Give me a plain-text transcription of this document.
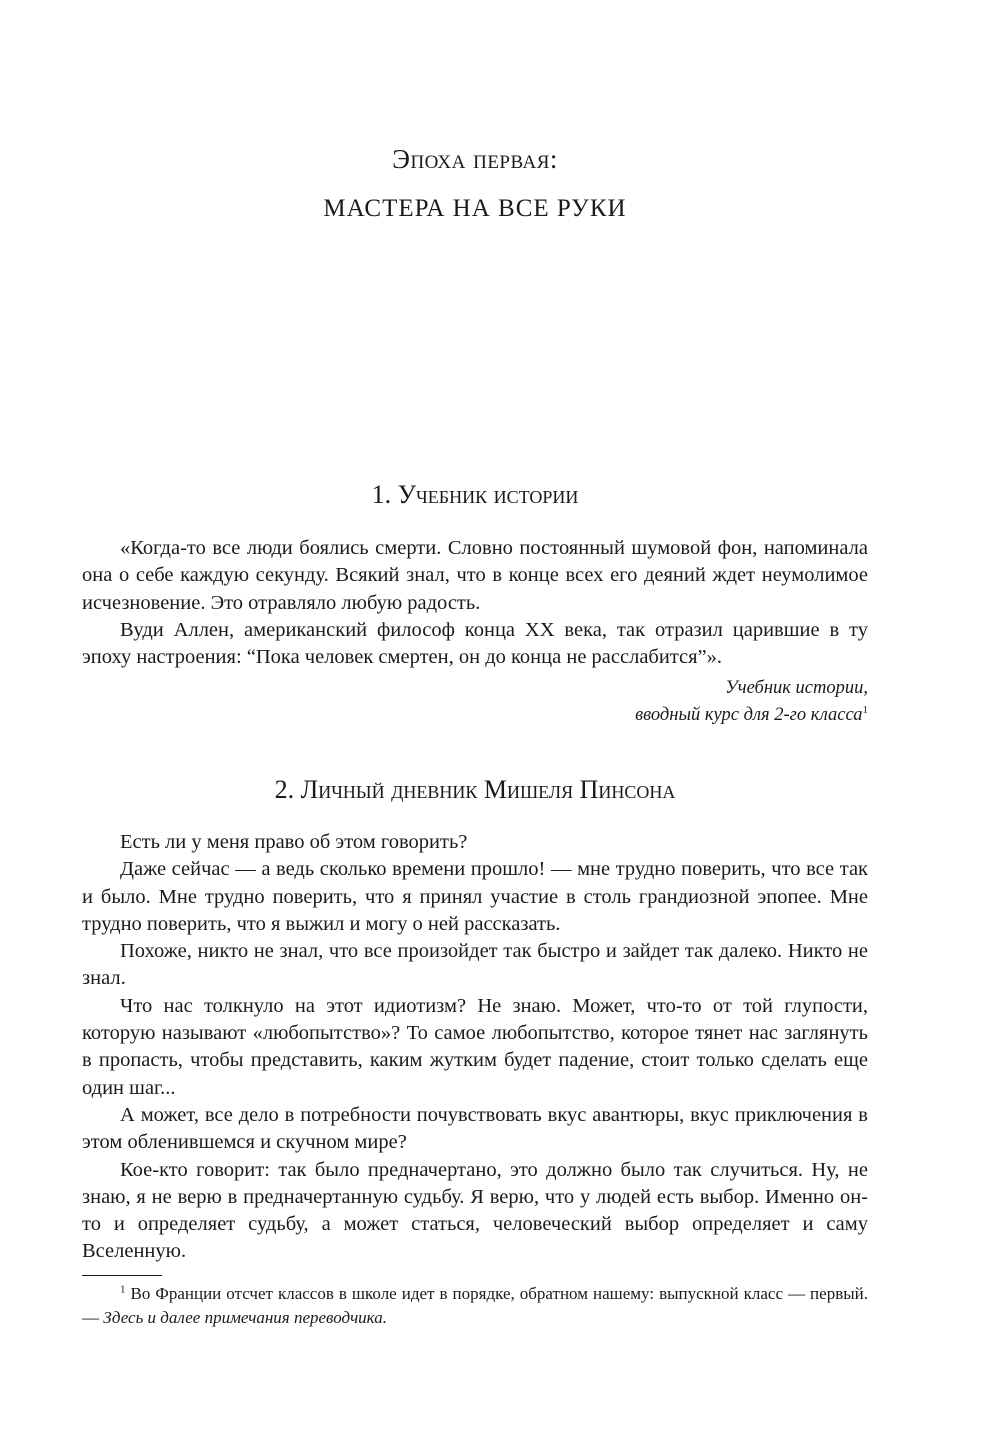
Эпоха первая:
МАСТЕРА НА ВСЕ РУКИ
1. Учебник истории

«Когда-то все люди боялись смерти. Словно постоянный шумовой фон, напоминала она о себе каждую секунду. Всякий знал, что в конце всех его деяний ждет неумолимое исчезновение. Это отравляло любую радость.

Вуди Аллен, американский философ конца XX века, так отразил царившие в ту эпоху настроения: “Пока человек смертен, он до конца не расслабится”».

Учебник истории,
вводный курс для 2-го класса$^1$
2. Личный дневник Мишеля Пинсона

Есть ли у меня право об этом говорить?

Даже сейчас — а ведь сколько времени прошло! — мне трудно поверить, что все так и было. Мне трудно поверить, что я принял участие в столь грандиозной эпопее. Мне трудно поверить, что я выжил и могу о ней рассказать.

Похоже, никто не знал, что все произойдет так быстро и зайдет так далеко. Никто не знал.

Что нас толкнуло на этот идиотизм? Не знаю. Может, что-то от той глупости, которую называют «любопытство»? То самое любопытство, которое тянет нас заглянуть в пропасть, чтобы представить, каким жутким будет падение, стоит только сделать еще один шаг...

А может, все дело в потребности почувствовать вкус авантюры, вкус приключения в этом обленившемся и скучном мире?

Кое-кто говорит: так было предначертано, это должно было так случиться. Ну, не знаю, я не верю в предначертанную судьбу. Я верю, что у людей есть выбор. Именно он-то и определяет судьбу, а может статься, человеческий выбор определяет и саму Вселенную.

$^1$ Во Франции отсчет классов в школе идет в порядке, обратном нашему: выпускной класс — первый. — Здесь и далее примечания переводчика.
